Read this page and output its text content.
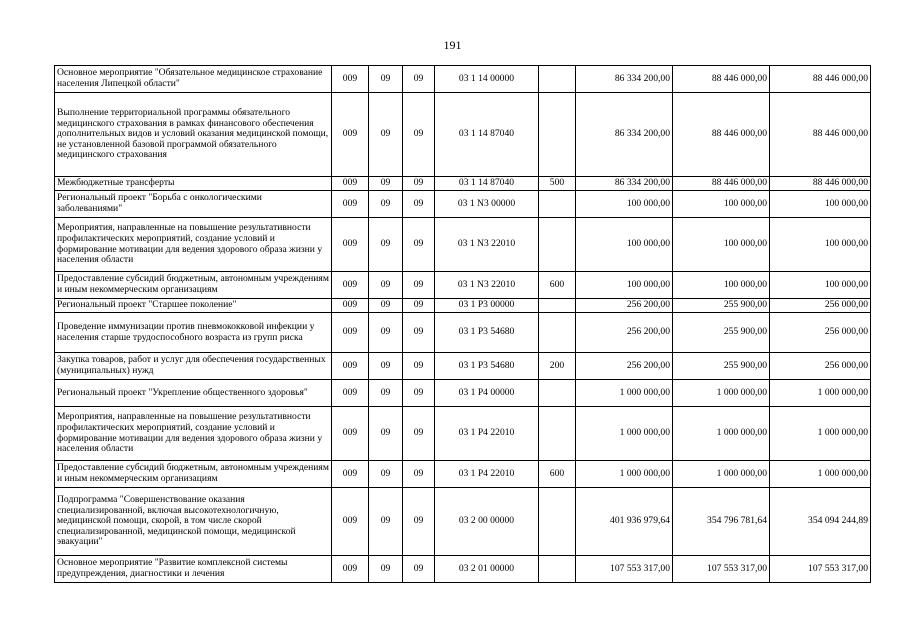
191
Основное мероприятие "Обязательное медицинское страхование населения Липецкой области"	009	09	09	03 1 14 00000		86 334 200,00	88 446 000,00	88 446 000,00
Выполнение территориальной программы обязательного медицинского страхования в рамках финансового обеспечения дополнительных видов и условий оказания медицинской помощи, не установленной базовой программой обязательного медицинского страхования	009	09	09	03 1 14 87040		86 334 200,00	88 446 000,00	88 446 000,00
Межбюджетные трансферты	009	09	09	03 1 14 87040	500	86 334 200,00	88 446 000,00	88 446 000,00
Региональный проект "Борьба с онкологическими заболеваниями"	009	09	09	03 1 N3 00000		100 000,00	100 000,00	100 000,00
Мероприятия, направленные на повышение результативности профилактических мероприятий, создание условий и формирование мотивации для ведения здорового образа жизни у населения области	009	09	09	03 1 N3 22010		100 000,00	100 000,00	100 000,00
Предоставление субсидий бюджетным, автономным учреждениям и иным некоммерческим организациям	009	09	09	03 1 N3 22010	600	100 000,00	100 000,00	100 000,00
Региональный проект "Старшее поколение"	009	09	09	03 1 P3 00000		256 200,00	255 900,00	256 000,00
Проведение иммунизации против пневмококковой инфекции у населения старше трудоспособного возраста из групп риска	009	09	09	03 1 P3 54680		256 200,00	255 900,00	256 000,00
Закупка товаров, работ и услуг для обеспечения государственных (муниципальных) нужд	009	09	09	03 1 P3 54680	200	256 200,00	255 900,00	256 000,00
Региональный проект "Укрепление общественного здоровья"	009	09	09	03 1 P4 00000		1 000 000,00	1 000 000,00	1 000 000,00
Мероприятия, направленные на повышение результативности профилактических мероприятий, создание условий и формирование мотивации для ведения здорового образа жизни у населения области	009	09	09	03 1 P4 22010		1 000 000,00	1 000 000,00	1 000 000,00
Предоставление субсидий бюджетным, автономным учреждениям и иным некоммерческим организациям	009	09	09	03 1 P4 22010	600	1 000 000,00	1 000 000,00	1 000 000,00
Подпрограмма "Совершенствование оказания специализированной, включая высокотехнологичную, медицинской помощи, скорой, в том числе скорой специализированной, медицинской помощи, медицинской эвакуации"	009	09	09	03 2 00 00000		401 936 979,64	354 796 781,64	354 094 244,89
Основное мероприятие "Развитие комплексной системы предупреждения, диагностики и лечения	009	09	09	03 2 01 00000		107 553 317,00	107 553 317,00	107 553 317,00
